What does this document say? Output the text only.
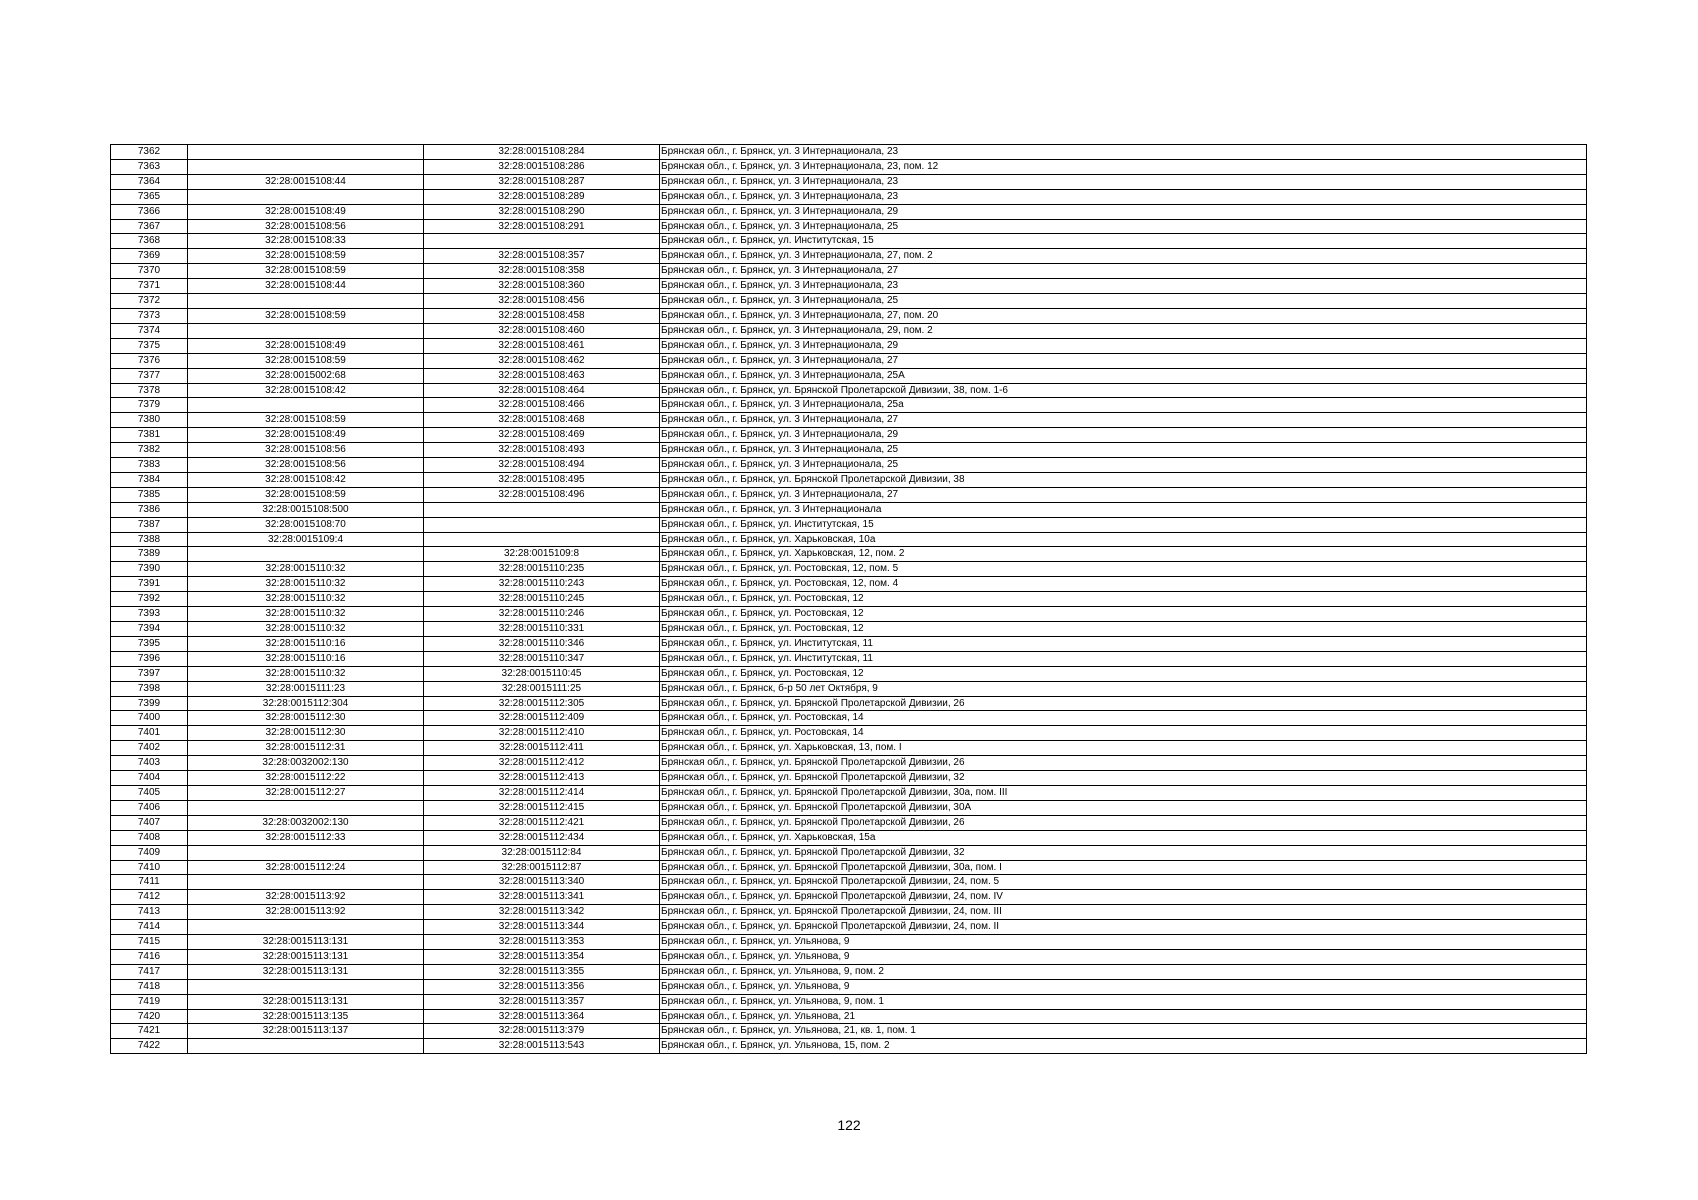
7362		32:28:0015108:284	Брянская обл., г. Брянск, ул. 3 Интернационала, 23
7363		32:28:0015108:286	Брянская обл., г. Брянск, ул. 3 Интернационала, 23, пом. 12
7364	32:28:0015108:44	32:28:0015108:287	Брянская обл., г. Брянск, ул. 3 Интернационала, 23
7365		32:28:0015108:289	Брянская обл., г. Брянск, ул. 3 Интернационала, 23
7366	32:28:0015108:49	32:28:0015108:290	Брянская обл., г. Брянск, ул. 3 Интернационала, 29
7367	32:28:0015108:56	32:28:0015108:291	Брянская обл., г. Брянск, ул. 3 Интернационала, 25
7368	32:28:0015108:33		Брянская обл., г. Брянск, ул. Институтская, 15
7369	32:28:0015108:59	32:28:0015108:357	Брянская обл., г. Брянск, ул. 3 Интернационала, 27, пом. 2
7370	32:28:0015108:59	32:28:0015108:358	Брянская обл., г. Брянск, ул. 3 Интернационала, 27
7371	32:28:0015108:44	32:28:0015108:360	Брянская обл., г. Брянск, ул. 3 Интернационала, 23
7372		32:28:0015108:456	Брянская обл., г. Брянск, ул. 3 Интернационала, 25
7373	32:28:0015108:59	32:28:0015108:458	Брянская обл., г. Брянск, ул. 3 Интернационала, 27, пом. 20
7374		32:28:0015108:460	Брянская обл., г. Брянск, ул. 3 Интернационала, 29, пом. 2
7375	32:28:0015108:49	32:28:0015108:461	Брянская обл., г. Брянск, ул. 3 Интернационала, 29
7376	32:28:0015108:59	32:28:0015108:462	Брянская обл., г. Брянск, ул. 3 Интернационала, 27
7377	32:28:0015002:68	32:28:0015108:463	Брянская обл., г. Брянск, ул. 3 Интернационала, 25А
7378	32:28:0015108:42	32:28:0015108:464	Брянская обл., г. Брянск, ул. Брянской Пролетарской Дивизии, 38, пом. 1-6
7379		32:28:0015108:466	Брянская обл., г. Брянск, ул. 3 Интернационала, 25а
7380	32:28:0015108:59	32:28:0015108:468	Брянская обл., г. Брянск, ул. 3 Интернационала, 27
7381	32:28:0015108:49	32:28:0015108:469	Брянская обл., г. Брянск, ул. 3 Интернационала, 29
7382	32:28:0015108:56	32:28:0015108:493	Брянская обл., г. Брянск, ул. 3 Интернационала, 25
7383	32:28:0015108:56	32:28:0015108:494	Брянская обл., г. Брянск, ул. 3 Интернационала, 25
7384	32:28:0015108:42	32:28:0015108:495	Брянская обл., г. Брянск, ул. Брянской Пролетарской Дивизии, 38
7385	32:28:0015108:59	32:28:0015108:496	Брянская обл., г. Брянск, ул. 3 Интернационала, 27
7386	32:28:0015108:500		Брянская обл., г. Брянск, ул. 3 Интернационала
7387	32:28:0015108:70		Брянская обл., г. Брянск, ул. Институтская, 15
7388	32:28:0015109:4		Брянская обл., г. Брянск, ул. Харьковская, 10а
7389		32:28:0015109:8	Брянская обл., г. Брянск, ул. Харьковская, 12, пом. 2
7390	32:28:0015110:32	32:28:0015110:235	Брянская обл., г. Брянск, ул. Ростовская, 12, пом. 5
7391	32:28:0015110:32	32:28:0015110:243	Брянская обл., г. Брянск, ул. Ростовская, 12, пом. 4
7392	32:28:0015110:32	32:28:0015110:245	Брянская обл., г. Брянск, ул. Ростовская, 12
7393	32:28:0015110:32	32:28:0015110:246	Брянская обл., г. Брянск, ул. Ростовская, 12
7394	32:28:0015110:32	32:28:0015110:331	Брянская обл., г. Брянск, ул. Ростовская, 12
7395	32:28:0015110:16	32:28:0015110:346	Брянская обл., г. Брянск, ул. Институтская, 11
7396	32:28:0015110:16	32:28:0015110:347	Брянская обл., г. Брянск, ул. Институтская, 11
7397	32:28:0015110:32	32:28:0015110:45	Брянская обл., г. Брянск, ул. Ростовская, 12
7398	32:28:0015111:23	32:28:0015111:25	Брянская обл., г. Брянск, б-р 50 лет Октября, 9
7399	32:28:0015112:304	32:28:0015112:305	Брянская обл., г. Брянск, ул. Брянской Пролетарской Дивизии, 26
7400	32:28:0015112:30	32:28:0015112:409	Брянская обл., г. Брянск, ул. Ростовская, 14
7401	32:28:0015112:30	32:28:0015112:410	Брянская обл., г. Брянск, ул. Ростовская, 14
7402	32:28:0015112:31	32:28:0015112:411	Брянская обл., г. Брянск, ул. Харьковская, 13, пом. I
7403	32:28:0032002:130	32:28:0015112:412	Брянская обл., г. Брянск, ул. Брянской Пролетарской Дивизии, 26
7404	32:28:0015112:22	32:28:0015112:413	Брянская обл., г. Брянск, ул. Брянской Пролетарской Дивизии, 32
7405	32:28:0015112:27	32:28:0015112:414	Брянская обл., г. Брянск, ул. Брянской Пролетарской Дивизии, 30а, пом. III
7406		32:28:0015112:415	Брянская обл., г. Брянск, ул. Брянской Пролетарской Дивизии, 30А
7407	32:28:0032002:130	32:28:0015112:421	Брянская обл., г. Брянск, ул. Брянской Пролетарской Дивизии, 26
7408	32:28:0015112:33	32:28:0015112:434	Брянская обл., г. Брянск, ул. Харьковская, 15а
7409		32:28:0015112:84	Брянская обл., г. Брянск, ул. Брянской Пролетарской Дивизии, 32
7410	32:28:0015112:24	32:28:0015112:87	Брянская обл., г. Брянск, ул. Брянской Пролетарской Дивизии, 30а, пом. I
7411		32:28:0015113:340	Брянская обл., г. Брянск, ул. Брянской Пролетарской Дивизии, 24, пом. 5
7412	32:28:0015113:92	32:28:0015113:341	Брянская обл., г. Брянск, ул. Брянской Пролетарской Дивизии, 24, пом. IV
7413	32:28:0015113:92	32:28:0015113:342	Брянская обл., г. Брянск, ул. Брянской Пролетарской Дивизии, 24, пом. III
7414		32:28:0015113:344	Брянская обл., г. Брянск, ул. Брянской Пролетарской Дивизии, 24, пом. II
7415	32:28:0015113:131	32:28:0015113:353	Брянская обл., г. Брянск, ул. Ульянова, 9
7416	32:28:0015113:131	32:28:0015113:354	Брянская обл., г. Брянск, ул. Ульянова, 9
7417	32:28:0015113:131	32:28:0015113:355	Брянская обл., г. Брянск, ул. Ульянова, 9, пом. 2
7418		32:28:0015113:356	Брянская обл., г. Брянск, ул. Ульянова, 9
7419	32:28:0015113:131	32:28:0015113:357	Брянская обл., г. Брянск, ул. Ульянова, 9, пом. 1
7420	32:28:0015113:135	32:28:0015113:364	Брянская обл., г. Брянск, ул. Ульянова, 21
7421	32:28:0015113:137	32:28:0015113:379	Брянская обл., г. Брянск, ул. Ульянова, 21, кв. 1, пом. 1
7422		32:28:0015113:543	Брянская обл., г. Брянск, ул. Ульянова, 15, пом. 2
122
